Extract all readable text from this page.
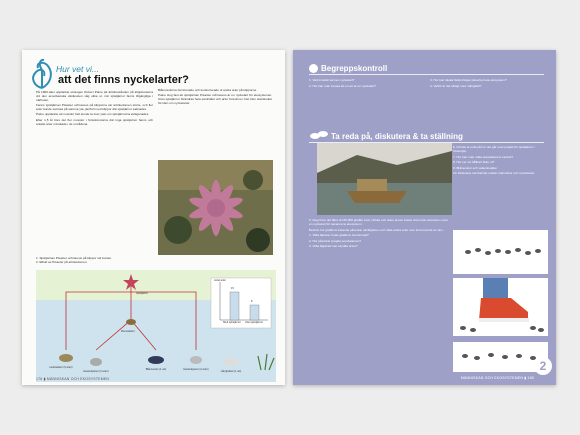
Hur vet vi...
att det finns nyckelarter?

På 1960-talet upptäckte ekologen Robert Paine att ätrtsbestånden på klippkusterna vid den amerikanska västkusten såg olika ut, när sjöstjärnor fanns tillgängliga i närheten.

Fanns sjöstjärnan Pisaster ochraceus på klipporna var artrikedomen större, och fler arter kunde samsas på samma yta, jämfört med klippor där sjöstjärnor saknades.

Paine upptäckte att musslor helt kunde ta över ytan om sjöstjärnorna avlägsnades.

Efter 1,5 år blev det fler musslor i försöksrutorna där inga sjöstjärnor fanns och antalet arter minskade i de områdena.

Blåmusslorna dominerade och konkurrerade ut andra arter på klipporna.

Paine slog fast att sjöstjärnan Pisaster ochraceus är en nyckelart för ekosystemet. Utan sjöstjärnor förändras hela samhället och arter försvinner. Det blev startskottet för idén om nyckelarter.

1. Sjöstjärnan Pisaster ochraceus på klippor vid kusten.
2. Effekt av Pisaster på artrikedomen.
Sjöstjärna
Rovsnäckor
Ledsnäckor (3 arter)
Havstulpaner (2 arter)
Blåmusslor (1 art)	Havstulpaner (2 arter)
Långhalsar (1 art)
Antal arter
15
8
Med sjöstjärnor	Utan sjöstjärnor
176 ▮ MÄNNISKAN OCH EKOSYSTEMEN
Begreppskontroll

1. Vad innebär termen nyckelart?

2. Hur kan man bevisa att en art är en nyckelart?

3. Hur kan lokala förändringar påverka hela ekosystem?

4. Varför är det viktigt med mångfald?

Ta reda på, diskutera & ta ställning

5. Idag finns det färre än 80 000 giraffer kvar i Afrika och arten anses hotad. Arten kan dessutom vara en nyckelart för savannens ekosystem.

Beskriv hur giraffens betande påverkar växtligheten och vilka andra arter som är beroende av den.

1. Vilka faktorer hotar giraffens överlevnad?

2. Hur påverkar tjuvjakt populationen?

3. Vilka åtgärder kan skydda arten?

6. Försök ta reda på hur det går med projekt för sjöstjärnor i Östersjön.

7. Hur kan man mäta populationers storlek?

8. Hur ser ett hållbart fiske ut?

9. Blåmusslor och vattenkvalitet.

10. Diskutera sambandet mellan människor och nyckelarter.

MÄNNISKAN OCH EKOSYSTEMEN ▮ 189
2
